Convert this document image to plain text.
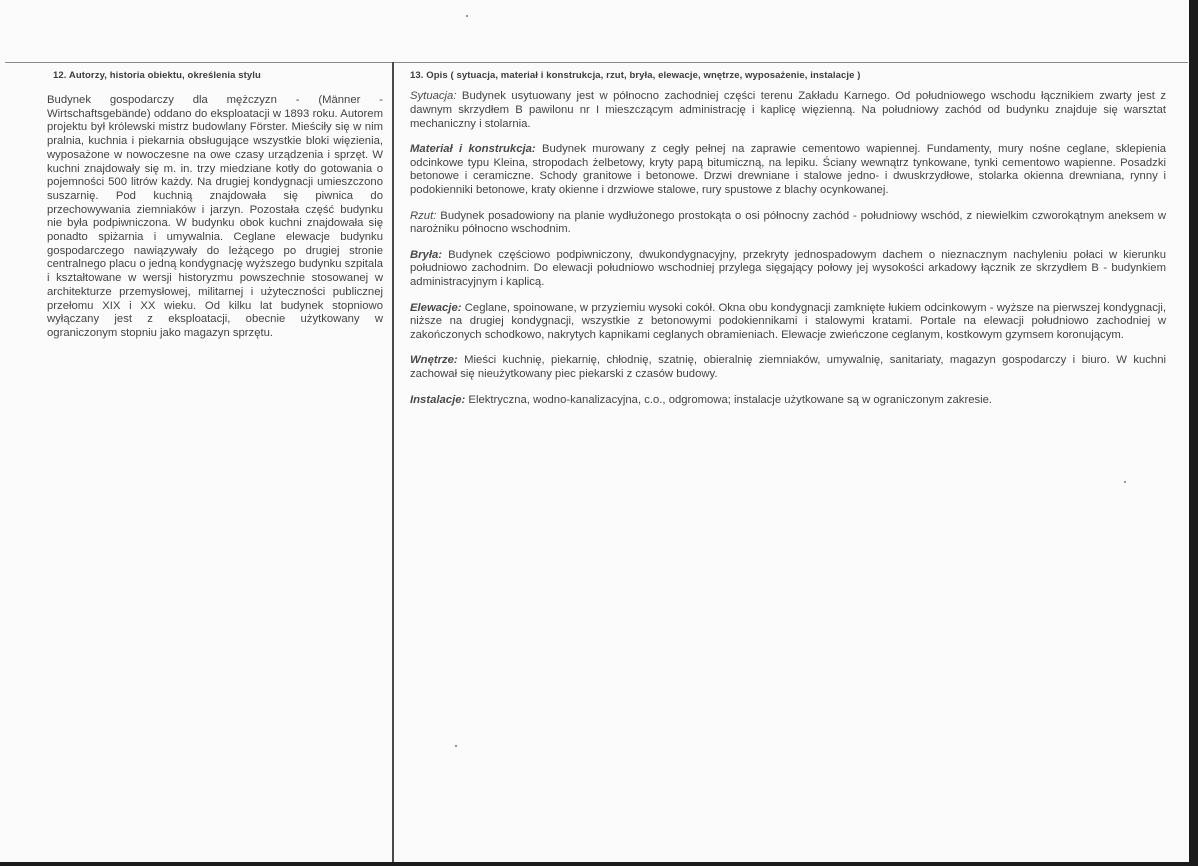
12. Autorzy, historia obiektu, określenia stylu
Budynek gospodarczy dla mężczyzn - (Männer - Wirtschaftsgebände) oddano do eksploatacji w 1893 roku. Autorem projektu był królewski mistrz budowlany Förster. Mieściły się w nim pralnia, kuchnia i piekarnia obsługujące wszystkie bloki więzienia, wyposażone w nowoczesne na owe czasy urządzenia i sprzęt. W kuchni znajdowały się m. in. trzy miedziane kotły do gotowania o pojemności 500 litrów każdy. Na drugiej kondygnacji umieszczono suszarnię. Pod kuchnią znajdowała się piwnica do przechowywania ziemniaków i jarzyn. Pozostała część budynku nie była podpiwniczona. W budynku obok kuchni znajdowała się ponadto spiżarnia i umywalnia. Ceglane elewacje budynku gospodarczego nawiązywały do leżącego po drugiej stronie centralnego placu o jedną kondygnację wyższego budynku szpitala i kształtowane w wersji historyzmu powszechnie stosowanej w architekturze przemysłowej, militarnej i użyteczności publicznej przełomu XIX i XX wieku. Od kilku lat budynek stopniowo wyłączany jest z eksploatacji, obecnie użytkowany w ograniczonym stopniu jako magazyn sprzętu.
13. Opis ( sytuacja, materiał i konstrukcja, rzut, bryła, elewacje, wnętrze, wyposażenie, instalacje )

Sytuacja: Budynek usytuowany jest w północno zachodniej części terenu Zakładu Karnego. Od południowego wschodu łącznikiem zwarty jest z dawnym skrzydłem B pawilonu nr I mieszczącym administrację i kaplicę więzienną. Na południowy zachód od budynku znajduje się warsztat mechaniczny i stolarnia.

Materiał i konstrukcja: Budynek murowany z cegły pełnej na zaprawie cementowo wapiennej. Fundamenty, mury nośne ceglane, sklepienia odcinkowe typu Kleina, stropodach żelbetowy, kryty papą bitumiczną, na lepiku. Ściany wewnątrz tynkowane, tynki cementowo wapienne. Posadzki betonowe i ceramiczne. Schody granitowe i betonowe. Drzwi drewniane i stalowe jedno- i dwuskrzydłowe, stolarka okienna drewniana, rynny i podokienniki betonowe, kraty okienne i drzwiowe stalowe, rury spustowe z blachy ocynkowanej.

Rzut: Budynek posadowiony na planie wydłużonego prostokąta o osi północny zachód - południowy wschód, z niewielkim czworokątnym aneksem w narożniku północno wschodnim.

Bryła: Budynek częściowo podpiwniczony, dwukondygnacyjny, przekryty jednospadowym dachem o nieznacznym nachyleniu połaci w kierunku południowo zachodnim. Do elewacji południowo wschodniej przylega sięgający połowy jej wysokości arkadowy łącznik ze skrzydłem B - budynkiem administracyjnym i kaplicą.

Elewacje: Ceglane, spoinowane, w przyziemiu wysoki cokół. Okna obu kondygnacji zamknięte łukiem odcinkowym - wyższe na pierwszej kondygnacji, niższe na drugiej kondygnacji, wszystkie z betonowymi podokiennikami i stalowymi kratami. Portale na elewacji południowo zachodniej w zakończonych schodkowo, nakrytych kapnikami ceglanych obramieniach. Elewacje zwieńczone ceglanym, kostkowym gzymsem koronującym.

Wnętrze: Mieści kuchnię, piekarnię, chłodnię, szatnię, obieralnię ziemniaków, umywalnię, sanitariaty, magazyn gospodarczy i biuro. W kuchni zachował się nieużytkowany piec piekarski z czasów budowy.

Instalacje: Elektryczna, wodno-kanalizacyjna, c.o., odgromowa; instalacje użytkowane są w ograniczonym zakresie.
